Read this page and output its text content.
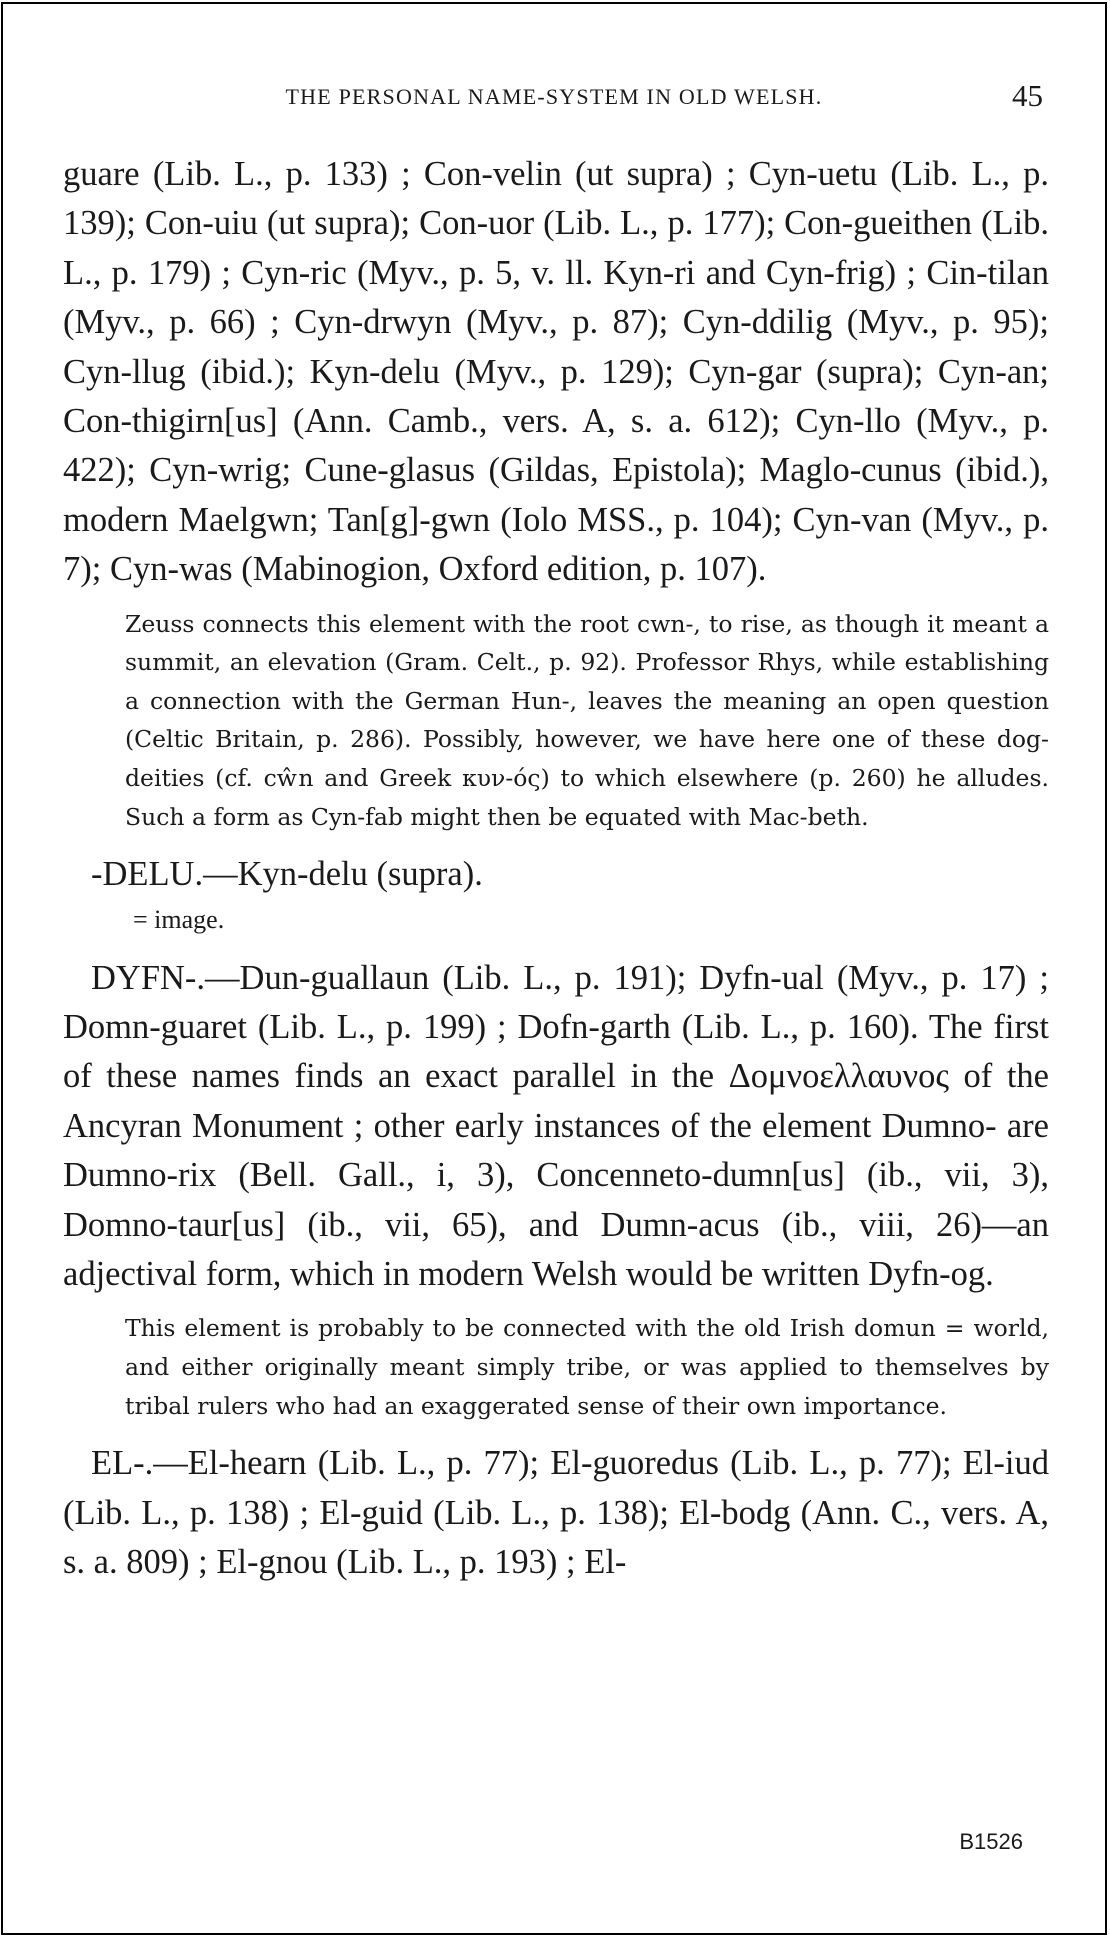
THE PERSONAL NAME-SYSTEM IN OLD WELSH.	45

guare (Lib. L., p. 133) ; Con-velin (ut supra) ; Cyn-uetu (Lib. L., p. 139); Con-uiu (ut supra); Con-uor (Lib. L., p. 177); Con-gueithen (Lib. L., p. 179) ; Cyn-ric (Myv., p. 5, v. ll. Kyn-ri and Cyn-frig) ; Cin-tilan (Myv., p. 66) ; Cyn-drwyn (Myv., p. 87); Cyn-ddilig (Myv., p. 95); Cyn-llug (ibid.); Kyn-delu (Myv., p. 129); Cyn-gar (supra); Cyn-an; Con-thigirn[us] (Ann. Camb., vers. A, s. a. 612); Cyn-llo (Myv., p. 422); Cyn-wrig; Cune-glasus (Gildas, Epistola); Maglo-cunus (ibid.), modern Maelgwn; Tan[g]-gwn (Iolo MSS., p. 104); Cyn-van (Myv., p. 7); Cyn-was (Mabinogion, Oxford edition, p. 107).

Zeuss connects this element with the root cwn-, to rise, as though it meant a summit, an elevation (Gram. Celt., p. 92). Professor Rhys, while establishing a connection with the German Hun-, leaves the meaning an open question (Celtic Britain, p. 286). Possibly, however, we have here one of these dog-deities (cf. cŵn and Greek κυν-ός) to which elsewhere (p. 260) he alludes. Such a form as Cyn-fab might then be equated with Mac-beth.

-DELU.—Kyn-delu (supra).

= image.

DYFN-.—Dun-guallaun (Lib. L., p. 191); Dyfn-ual (Myv., p. 17) ; Domn-guaret (Lib. L., p. 199) ; Dofn-garth (Lib. L., p. 160). The first of these names finds an exact parallel in the Δομνοελλαυνος of the Ancyran Monument ; other early instances of the element Dumno- are Dumno-rix (Bell. Gall., i, 3), Concenneto-dumn[us] (ib., vii, 3), Domno-taur[us] (ib., vii, 65), and Dumn-acus (ib., viii, 26)—an adjectival form, which in modern Welsh would be written Dyfn-og.

This element is probably to be connected with the old Irish domun = world, and either originally meant simply tribe, or was applied to themselves by tribal rulers who had an exaggerated sense of their own importance.

EL-.—El-hearn (Lib. L., p. 77); El-guoredus (Lib. L., p. 77); El-iud (Lib. L., p. 138) ; El-guid (Lib. L., p. 138); El-bodg (Ann. C., vers. A, s. a. 809) ; El-gnou (Lib. L., p. 193) ; El-

B1526
